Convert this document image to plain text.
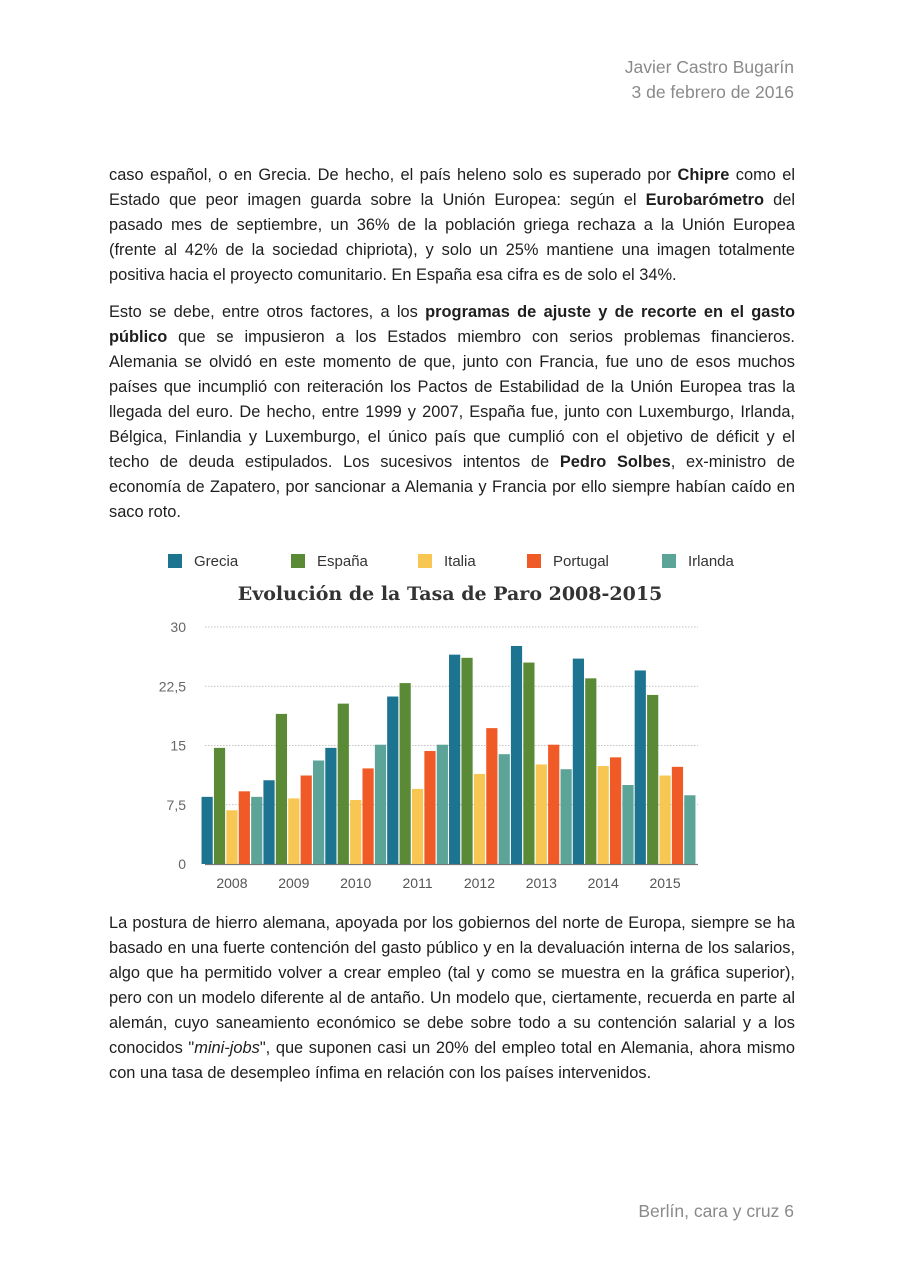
Javier Castro Bugarín
3 de febrero de 2016

caso español, o en Grecia. De hecho, el país heleno solo es superado por Chipre como el Estado que peor imagen guarda sobre la Unión Europea: según el Eurobarómetro del pasado mes de septiembre, un 36% de la población griega rechaza a la Unión Europea (frente al 42% de la sociedad chipriota), y solo un 25% mantiene una imagen totalmente positiva hacia el proyecto comunitario. En España esa cifra es de solo el 34%.

Esto se debe, entre otros factores, a los programas de ajuste y de recorte en el gasto público que se impusieron a los Estados miembro con serios problemas financieros. Alemania se olvidó en este momento de que, junto con Francia, fue uno de esos muchos países que incumplió con reiteración los Pactos de Estabilidad de la Unión Europea tras la llegada del euro. De hecho, entre 1999 y 2007, España fue, junto con Luxemburgo, Irlanda, Bélgica, Finlandia y Luxemburgo, el único país que cumplió con el objetivo de déficit y el techo de deuda estipulados. Los sucesivos intentos de Pedro Solbes, ex-ministro de economía de Zapatero, por sancionar a Alemania y Francia por ello siempre habían caído en saco roto.

Grecia	España	Italia	Portugal	Irlanda
Evolución de la Tasa de Paro 2008-2015
0
7,5
15
22,5
30
2008 2009 2010 2011 2012 2013 2014 2015

La postura de hierro alemana, apoyada por los gobiernos del norte de Europa, siempre se ha basado en una fuerte contención del gasto público y en la devaluación interna de los salarios, algo que ha permitido volver a crear empleo (tal y como se muestra en la gráfica superior), pero con un modelo diferente al de antaño. Un modelo que, ciertamente, recuerda en parte al alemán, cuyo saneamiento económico se debe sobre todo a su contención salarial y a los conocidos "mini-jobs", que suponen casi un 20% del empleo total en Alemania, ahora mismo con una tasa de desempleo ínfima en relación con los países intervenidos.

Berlín, cara y cruz 6
